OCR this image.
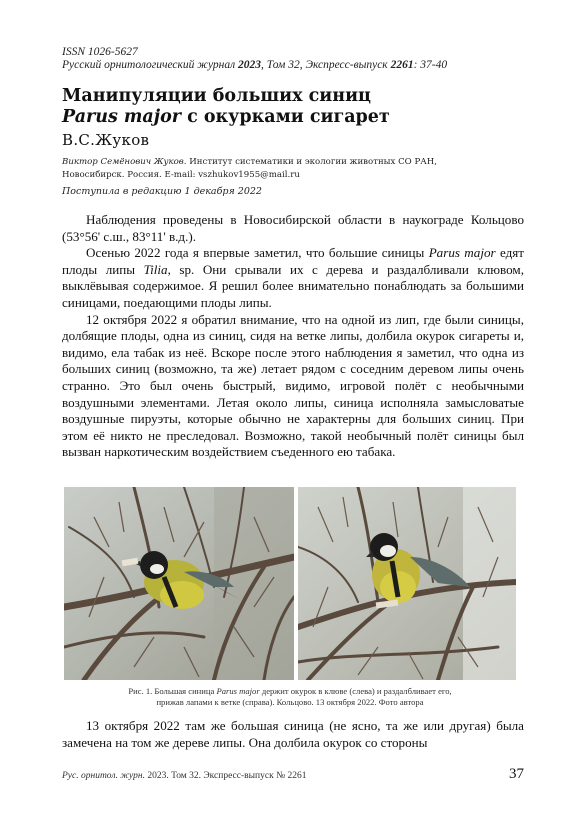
ISSN 1026-5627
Русский орнитологический журнал 2023, Том 32, Экспресс-выпуск 2261: 37-40
Манипуляции больших синиц
Parus major с окурками сигарет
В.С.Жуков
Виктор Семёнович Жуков. Институт систематики и экологии животных СО РАН,
Новосибирск. Россия. E-mail: vszhukov1955@mail.ru
Поступила в редакцию 1 декабря 2022

Наблюдения проведены в Новосибирской области в наукограде Кольцово (53°56' с.ш., 83°11' в.д.).

Осенью 2022 года я впервые заметил, что большие синицы Parus major едят плоды липы Tilia, sp. Они срывали их с дерева и раздалбливали клювом, выклёвывая содержимое. Я решил более внимательно понаблюдать за большими синицами, поедающими плоды липы.

12 октября 2022 я обратил внимание, что на одной из лип, где были синицы, долбящие плоды, одна из синиц, сидя на ветке липы, долбила окурок сигареты и, видимо, ела табак из неё. Вскоре после этого наблюдения я заметил, что одна из больших синиц (возможно, та же) летает рядом с соседним деревом липы очень странно. Это был очень быстрый, видимо, игровой полёт с необычными воздушными элементами. Летая около липы, синица исполняла замысловатые воздушные пируэты, которые обычно не характерны для больших синиц. При этом её никто не преследовал. Возможно, такой необычный полёт синицы был вызван наркотическим воздействием съеденного ею табака.

Рис. 1. Большая синица Parus major держит окурок в клюве (слева) и раздалбливает его,
прижав лапами к ветке (справа). Кольцово. 13 октября 2022. Фото автора

13 октября 2022 там же большая синица (не ясно, та же или другая) была замечена на том же дереве липы. Она долбила окурок со стороны

Рус. орнитол. журн. 2023. Том 32. Экспресс-выпуск № 2261	37
